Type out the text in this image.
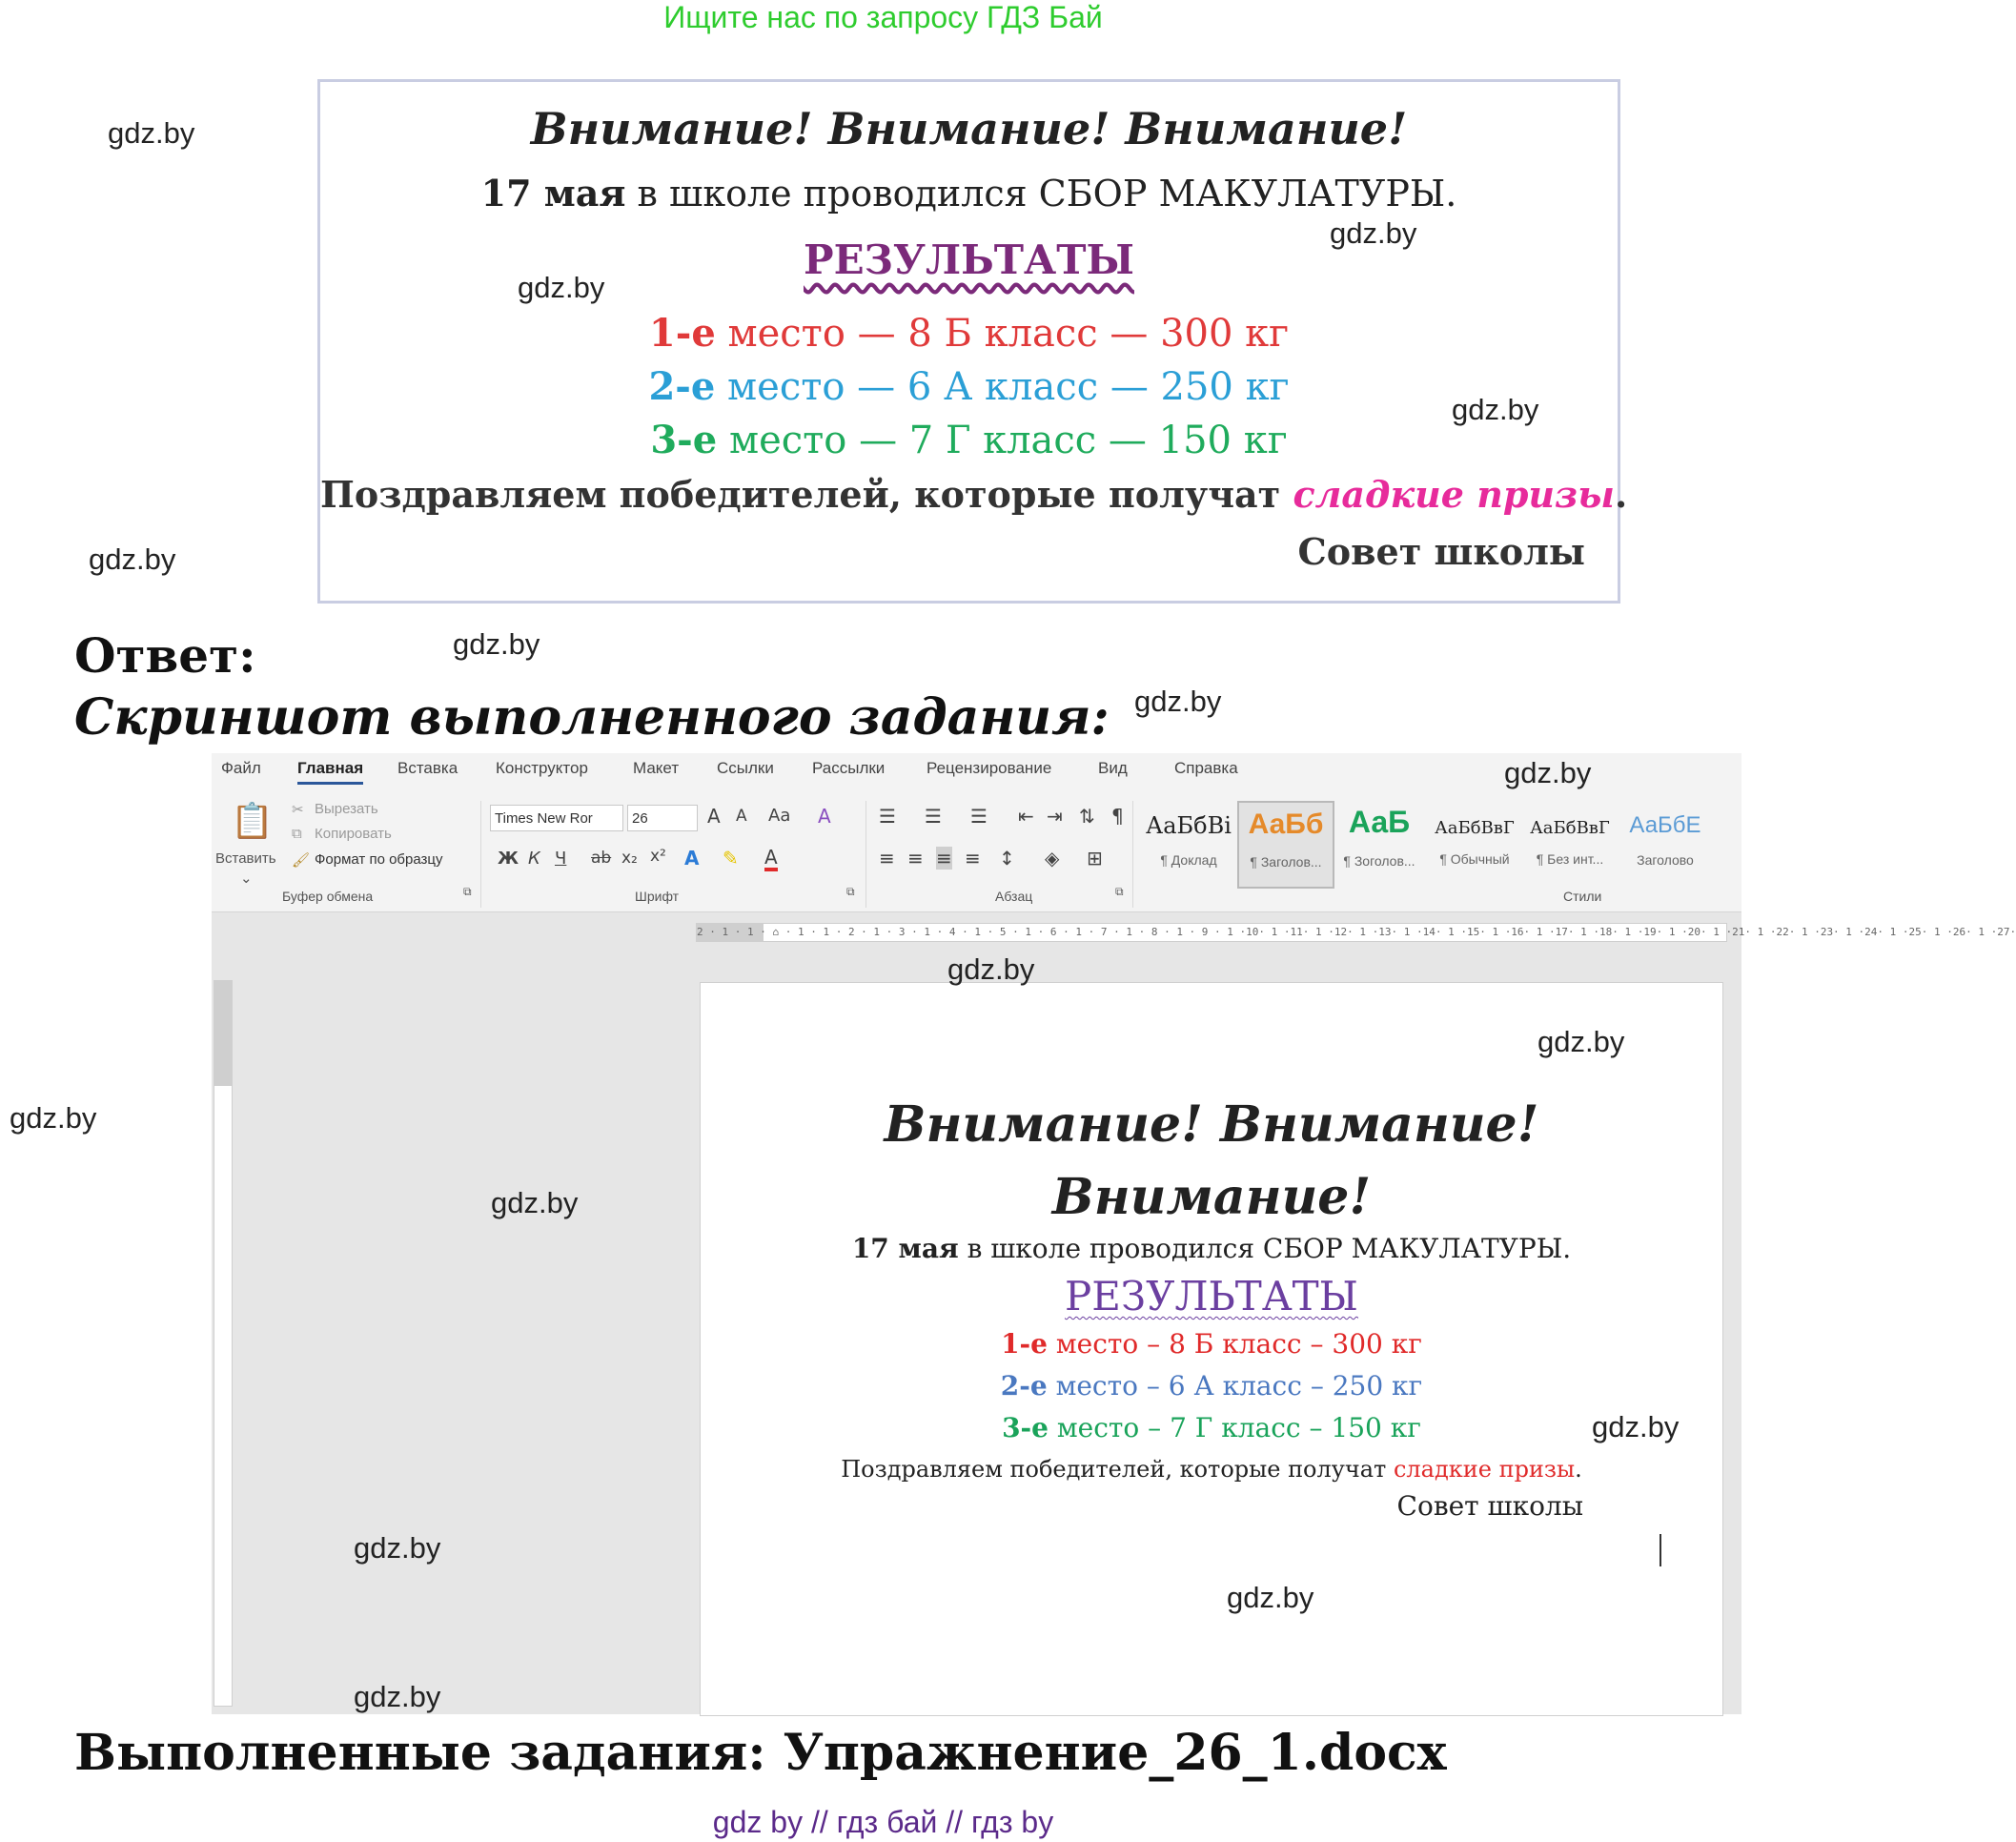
Ищите нас по запросу ГДЗ Бай
Внимание! Внимание! Внимание!
17 мая в школе проводился СБОР МАКУЛАТУРЫ.
РЕЗУЛЬТАТЫ
1-е место — 8 Б класс — 300 кг
2-е место — 6 А класс — 250 кг
3-е место — 7 Г класс — 150 кг
Поздравляем победителей, которые получат сладкие призы.
Совет школы
Ответ:
Скриншот выполненного задания:
Файл Главная Вставка Конструктор	Макет Ссылки Рассылки	Рецензирование	Вид	Справка
📋
Вставить
⌄
✂ Вырезать
⧉ Копировать
🖌 Формат по образцу
Буфер обмена	⧉
Times New Ror	26	A A Aa A
Ж К Ч ab x₂ x² A ✎ A
Шрифт	⧉
☰ ☰ ☰ ⇤ ⇥ ⇅ ¶
≡ ≡ ≡ ≡ ↕ ◈ ⊞
Абзац	⧉
АаБбВі
¶ Доклад
АаБб
¶ Заголов...
АаБ
¶ Зоголов...
АаБбВвГ
¶ Обычный
АаБбВвГ
¶ Без инт...
АаБбЕ
Заголово
Стили
2 · 1 · 1 · ⌂ · 1 · 1 · 2 · 1 · 3 · 1 · 4 · 1 · 5 · 1 · 6 · 1 · 7 · 1 · 8 · 1 · 9 · 1 ·10· 1 ·11· 1 ·12· 1 ·13· 1 ·14· 1 ·15· 1 ·16· 1 ·17· 1 ·18· 1 ·19· 1 ·20· 1 ·21· 1 ·22· 1 ·23· 1 ·24· 1 ·25· 1 ·26· 1 ·27·
Внимание! Внимание!
Внимание!
17 мая в школе проводился СБОР МАКУЛАТУРЫ.
РЕЗУЛЬТАТЫ
1-е место – 8 Б класс – 300 кг
2-е место – 6 А класс – 250 кг
3-е место – 7 Г класс – 150 кг
Поздравляем победителей, которые получат сладкие призы.
Совет школы
Выполненные задания: Упражнение_26_1.docx
gdz by // гдз бай // гдз by
gdz.by
gdz.by
gdz.by
gdz.by
gdz.by
gdz.by
gdz.by
gdz.by
gdz.by
gdz.by
gdz.by
gdz.by
gdz.by
gdz.by
gdz.by
gdz.by
